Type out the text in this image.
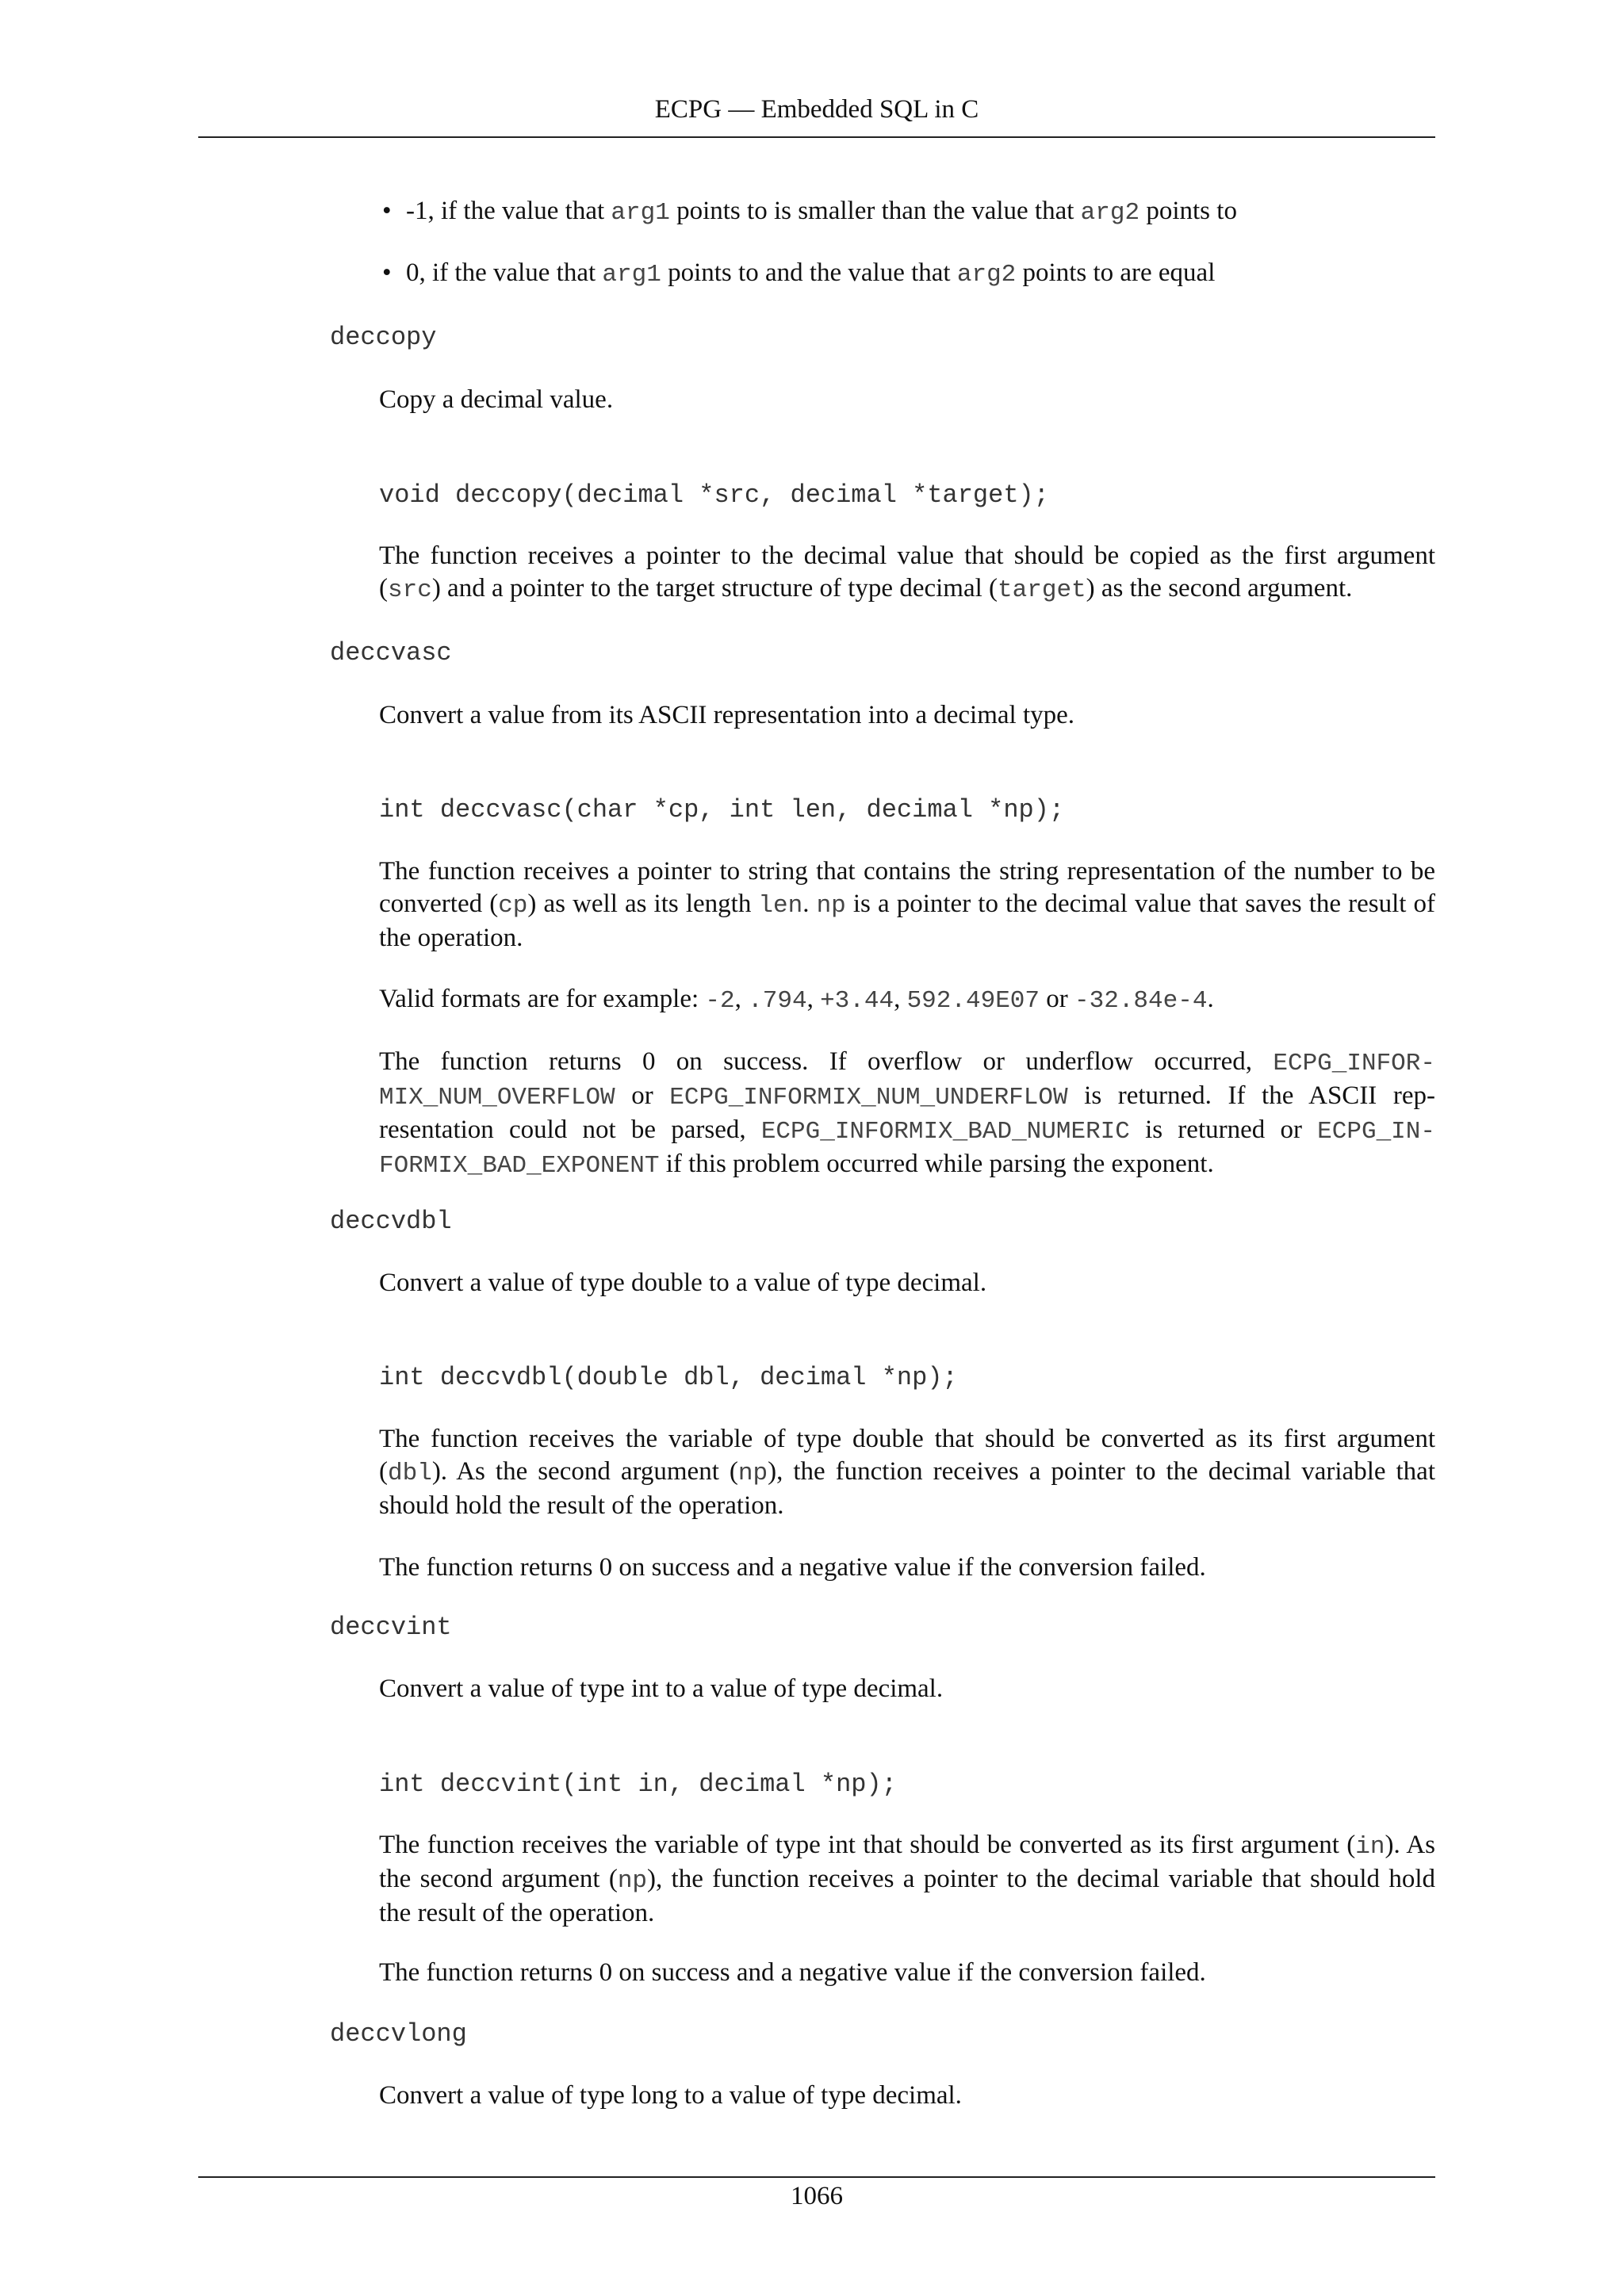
ECPG — Embedded SQL in C
• -1, if the value that arg1 points to is smaller than the value that arg2 points to
• 0, if the value that arg1 points to and the value that arg2 points to are equal
deccopy
Copy a decimal value.
void deccopy(decimal *src, decimal *target);
The function receives a pointer to the decimal value that should be copied as the first argument (src) and a pointer to the target structure of type decimal (target) as the second argument.
deccvasc
Convert a value from its ASCII representation into a decimal type.
int deccvasc(char *cp, int len, decimal *np);
The function receives a pointer to string that contains the string representation of the number to be converted (cp) as well as its length len. np is a pointer to the decimal value that saves the result of the operation.
Valid formats are for example: -2, .794, +3.44, 592.49E07 or -32.84e-4.
The function returns 0 on success. If overflow or underflow occurred, ECPG_INFOR-
MIX_NUM_OVERFLOW or ECPG_INFORMIX_NUM_UNDERFLOW is returned. If the ASCII rep-
resentation could not be parsed, ECPG_INFORMIX_BAD_NUMERIC is returned or ECPG_IN-
FORMIX_BAD_EXPONENT if this problem occurred while parsing the exponent.
deccvdbl
Convert a value of type double to a value of type decimal.
int deccvdbl(double dbl, decimal *np);
The function receives the variable of type double that should be converted as its first argument (dbl). As the second argument (np), the function receives a pointer to the decimal variable that should hold the result of the operation.
The function returns 0 on success and a negative value if the conversion failed.
deccvint
Convert a value of type int to a value of type decimal.
int deccvint(int in, decimal *np);
The function receives the variable of type int that should be converted as its first argument (in). As the second argument (np), the function receives a pointer to the decimal variable that should hold the result of the operation.
The function returns 0 on success and a negative value if the conversion failed.
deccvlong
Convert a value of type long to a value of type decimal.
1066
